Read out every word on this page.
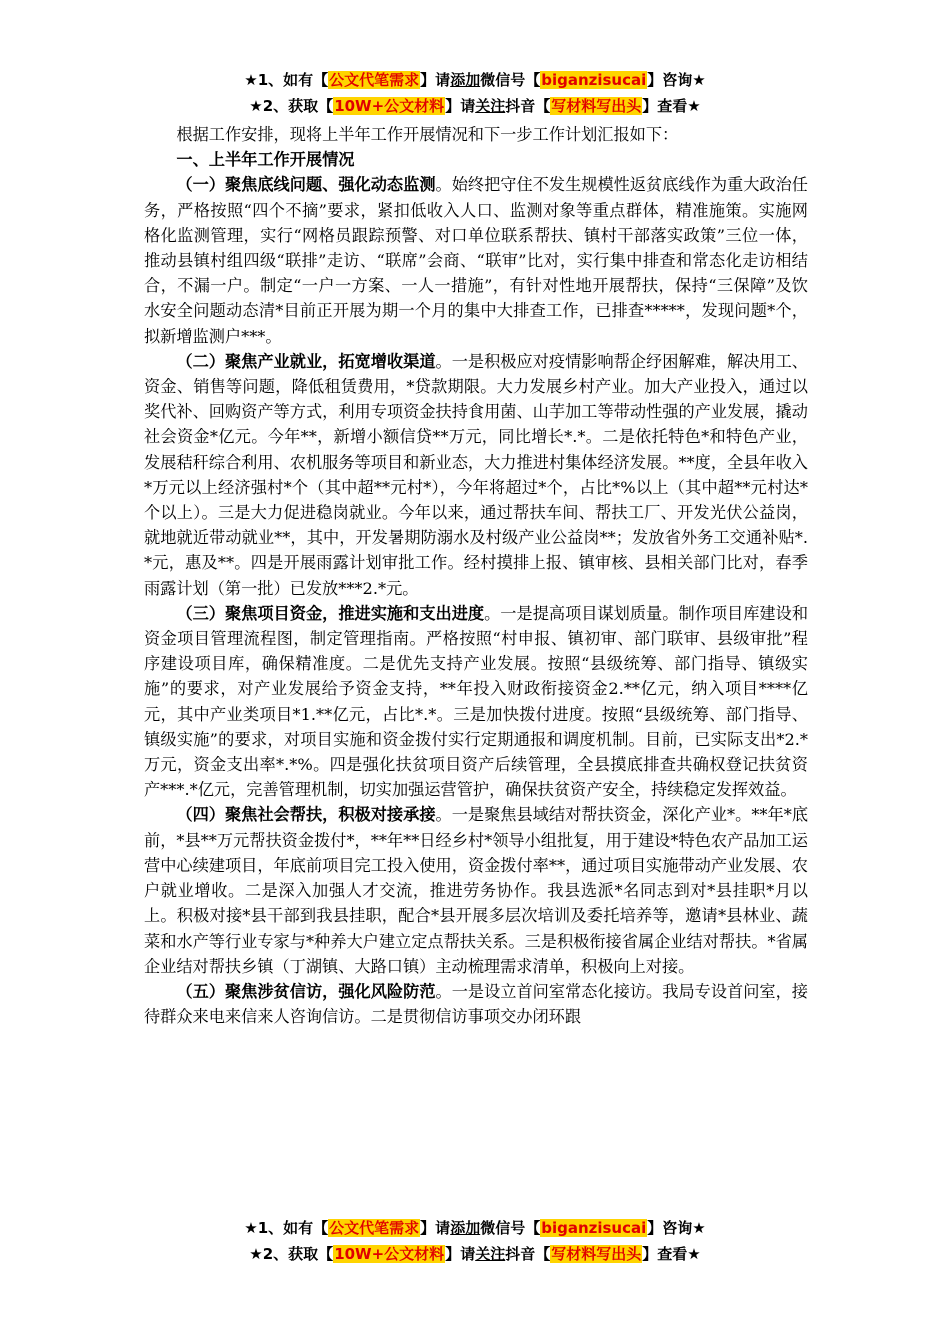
★1、如有【公文代笔需求】请添加微信号【biganzisucai】咨询★
★2、获取【10W+公文材料】请关注抖音【写材料写出头】查看★

根据工作安排，现将上半年工作开展情况和下一步工作计划汇报如下：

一、上半年工作开展情况

（一）聚焦底线问题、强化动态监测。始终把守住不发生规模性返贫底线作为重大政治任务，严格按照“四个不摘”要求，紧扣低收入人口、监测对象等重点群体，精准施策。实施网格化监测管理，实行“网格员跟踪预警、对口单位联系帮扶、镇村干部落实政策”三位一体，推动县镇村组四级“联排”走访、“联席”会商、“联审”比对，实行集中排查和常态化走访相结合，不漏一户。制定“一户一方案、一人一措施”，有针对性地开展帮扶，保持“三保障”及饮水安全问题动态清*目前正开展为期一个月的集中大排查工作，已排查*****，发现问题*个，拟新增监测户***。

（二）聚焦产业就业，拓宽增收渠道。一是积极应对疫情影响帮企纾困解难，解决用工、资金、销售等问题，降低租赁费用，*贷款期限。大力发展乡村产业。加大产业投入，通过以奖代补、回购资产等方式，利用专项资金扶持食用菌、山芋加工等带动性强的产业发展，撬动社会资金*亿元。今年**，新增小额信贷**万元，同比增长*.*。二是依托特色*和特色产业，发展秸秆综合利用、农机服务等项目和新业态，大力推进村集体经济发展。**度，全县年收入*万元以上经济强村*个（其中超**元村*），今年将超过*个，占比*%以上（其中超**元村达*个以上）。三是大力促进稳岗就业。今年以来，通过帮扶车间、帮扶工厂、开发光伏公益岗，就地就近带动就业**，其中，开发暑期防溺水及村级产业公益岗**；发放省外务工交通补贴*.*元，惠及**。四是开展雨露计划审批工作。经村摸排上报、镇审核、县相关部门比对，春季雨露计划（第一批）已发放***2.*元。

（三）聚焦项目资金，推进实施和支出进度。一是提高项目谋划质量。制作项目库建设和资金项目管理流程图，制定管理指南。严格按照“村申报、镇初审、部门联审、县级审批”程序建设项目库，确保精准度。二是优先支持产业发展。按照“县级统筹、部门指导、镇级实施”的要求，对产业发展给予资金支持，**年投入财政衔接资金2.**亿元，纳入项目****亿元，其中产业类项目*1.**亿元，占比*.*。三是加快拨付进度。按照“县级统筹、部门指导、镇级实施”的要求，对项目实施和资金拨付实行定期通报和调度机制。目前，已实际支出*2.*万元，资金支出率*.*%。四是强化扶贫项目资产后续管理，全县摸底排查共确权登记扶贫资产***.*亿元，完善管理机制，切实加强运营管护，确保扶贫资产安全，持续稳定发挥效益。

（四）聚焦社会帮扶，积极对接承接。一是聚焦县域结对帮扶资金，深化产业*。**年*底前，*县**万元帮扶资金拨付*，**年**日经乡村*领导小组批复，用于建设*特色农产品加工运营中心续建项目，年底前项目完工投入使用，资金拨付率**，通过项目实施带动产业发展、农户就业增收。二是深入加强人才交流，推进劳务协作。我县选派*名同志到对*县挂职*月以上。积极对接*县干部到我县挂职，配合*县开展多层次培训及委托培养等，邀请*县林业、蔬菜和水产等行业专家与*种养大户建立定点帮扶关系。三是积极衔接省属企业结对帮扶。*省属企业结对帮扶乡镇（丁湖镇、大路口镇）主动梳理需求清单，积极向上对接。

（五）聚焦涉贫信访，强化风险防范。一是设立首问室常态化接访。我局专设首问室，接待群众来电来信来人咨询信访。二是贯彻信访事项交办闭环跟

★1、如有【公文代笔需求】请添加微信号【biganzisucai】咨询★
★2、获取【10W+公文材料】请关注抖音【写材料写出头】查看★
